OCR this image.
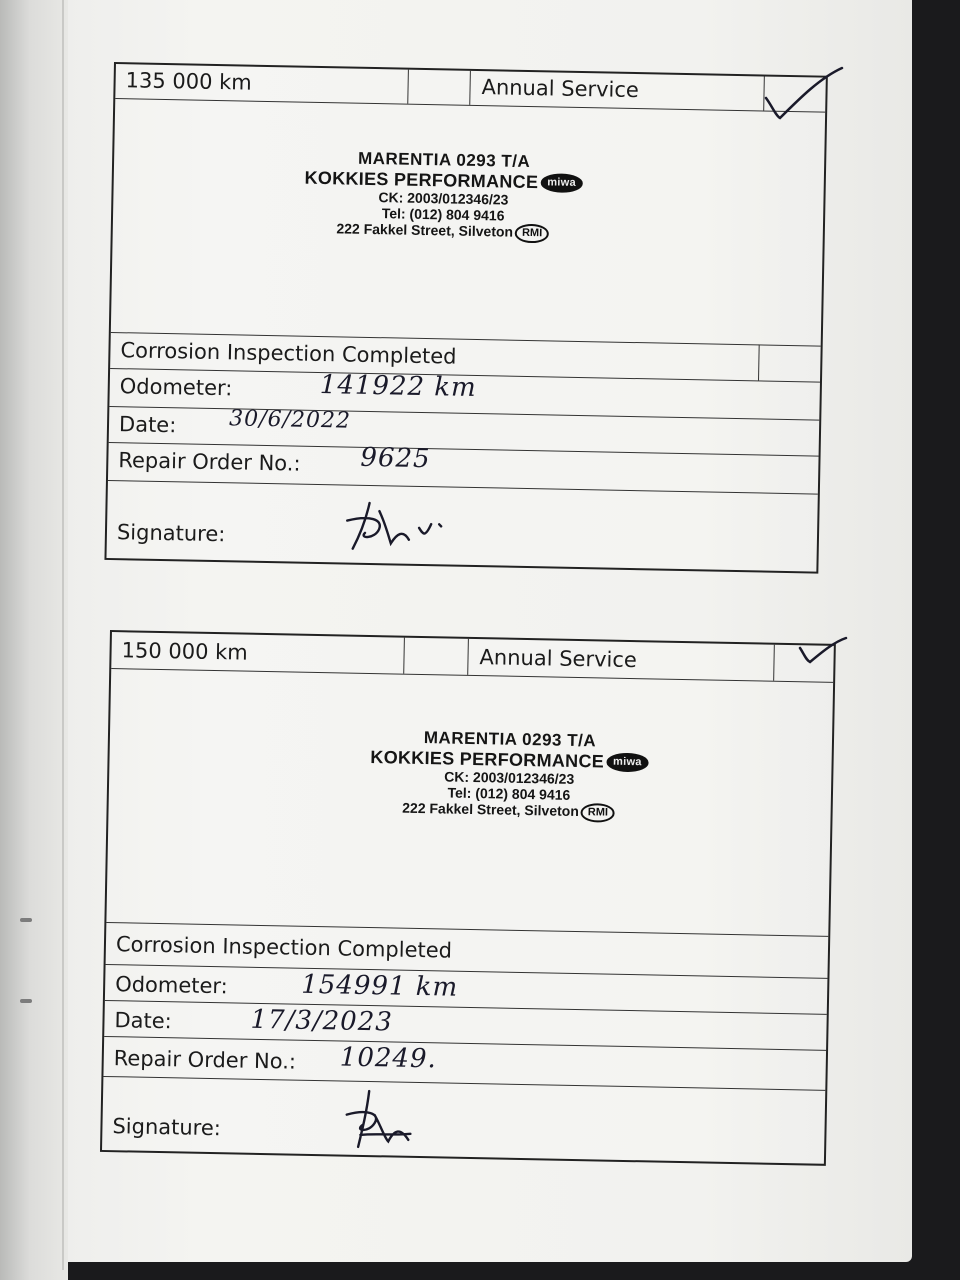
135 000 km	Annual Service
MARENTIA 0293 T/A
KOKKIES PERFORMANCE miwa
CK: 2003/012346/23
Tel: (012) 804 9416
222 Fakkel Street, Silveton RMI
Corrosion Inspection Completed
Odometer:	141922 km
Date: 30/6/2022
Repair Order No.: 9625
Signature:
150 000 km	Annual Service
MARENTIA 0293 T/A
KOKKIES PERFORMANCE miwa
CK: 2003/012346/23
Tel: (012) 804 9416
222 Fakkel Street, Silveton RMI
Corrosion Inspection Completed
Odometer:	154991 km
Date:	17/3/2023
Repair Order No.: 10249.
Signature:
